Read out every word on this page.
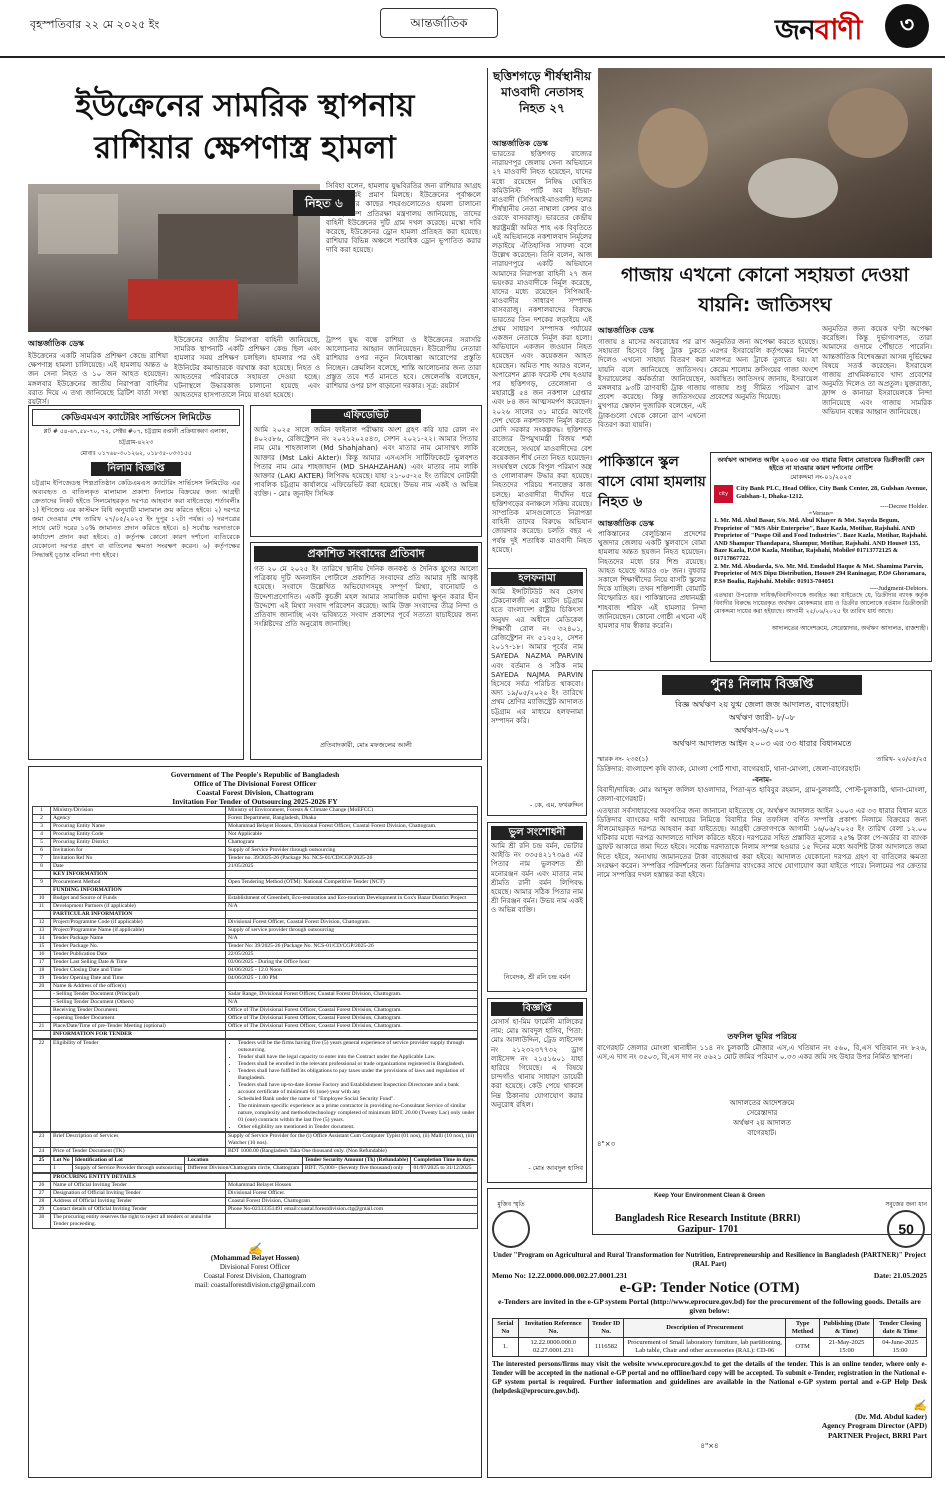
বৃহস্পতিবার ২২ মে ২০২৫ ইং	আন্তর্জাতিক	জনবাণী	৩
ইউক্রেনের সামরিক স্থাপনায়
রাশিয়ার ক্ষেপণাস্ত্র হামলা
নিহত ৬
আন্তর্জাতিক ডেস্ক
ইউক্রেনের একটি সামরিক প্রশিক্ষণ কেন্দ্রে রাশিয়া ক্ষেপণাস্ত্র হামলা চালিয়েছে। এই হামলায় অন্তত ৬ জন সেনা নিহত ও ১০ জন আহত হয়েছেন। মঙ্গলবার ইউক্রেনের জাতীয় নিরাপত্তা বাহিনীর বরাত দিয়ে এ তথ্য জানিয়েছে ব্রিটিশ বার্তা সংস্থা রয়টার্স।
ইউক্রেনের জাতীয় নিরাপত্তা বাহিনী জানিয়েছে, সামরিক স্থাপনাটি একটি প্রশিক্ষণ কেন্দ্র ছিল এবং হামলার সময় প্রশিক্ষণ চলছিল। হামলার পর ওই ইউনিটের কমান্ডারকে বরখাস্ত করা হয়েছে। নিহত ও আহতদের পরিবারকে সহায়তা দেওয়া হচ্ছে। ঘটনাস্থলে উদ্ধারকাজ চালানো হয়েছে এবং আহতদের হাসপাতালে নিয়ে যাওয়া হয়েছে।
সিবিহা বলেন, হামলায় যুদ্ধবিরতির জন্য রাশিয়ার আগ্রহ না থাকারই প্রমাণ মিলছে। ইউক্রেনের পূর্বাঞ্চলে ফ্রন্টলাইনের কাছের শহরগুলোতেও হামলা চালানো হয়েছে। রুশ প্রতিরক্ষা মন্ত্রণালয় জানিয়েছে, তাদের বাহিনী ইউক্রেনের দুটি গ্রাম দখল করেছে। মস্কো দাবি করেছে, ইউক্রেনের ড্রোন হামলা প্রতিহত করা হয়েছে। রাশিয়ার বিভিন্ন অঞ্চলে শতাধিক ড্রোন ভূপাতিত করার দাবি করা হয়েছে।
ট্রাম্প যুদ্ধ বন্ধে রাশিয়া ও ইউক্রেনের সরাসরি আলোচনার আহ্বান জানিয়েছেন। ইউরোপীয় নেতারা রাশিয়ার ওপর নতুন নিষেধাজ্ঞা আরোপের প্রস্তুতি নিচ্ছেন। ক্রেমলিন বলেছে, শান্তি আলোচনার জন্য তারা প্রস্তুত তবে শর্ত মানতে হবে। জেলেনস্কি বলেছেন, রাশিয়ার ওপর চাপ বাড়ানো দরকার। সূত্র: রয়টার্স
ছত্তিশগড়ে শীর্ষস্থানীয় মাওবাদী নেতাসহ নিহত ২৭
আন্তর্জাতিক ডেস্ক
ভারতের ছত্তিশগড় রাজ্যের নারায়ণপুর জেলায় সেনা অভিযানে ২৭ মাওবাদী নিহত হয়েছেন, যাদের মধ্যে রয়েছেন নিষিদ্ধ ঘোষিত কমিউনিস্ট পার্টি অব ইন্ডিয়া-মাওবাদী (সিপিআই-মাওবাদী) দলের শীর্ষস্থানীয় নেতা নাম্বালা কেশব রাও ওরফে বাসবরাজু। ভারতের কেন্দ্রীয় স্বরাষ্ট্রমন্ত্রী অমিত শাহ এক বিবৃতিতে এই অভিযানকে নকশালবাদ নির্মূলের লড়াইয়ে ঐতিহাসিক সাফল্য বলে উল্লেখ করেছেন। তিনি বলেন, আজ নারায়ণপুরে একটি অভিযানে আমাদের নিরাপত্তা বাহিনী ২৭ জন ভয়ংকর মাওবাদীকে নির্মূল করেছে, যাদের মধ্যে রয়েছেন সিপিআই-মাওবাদীর সাধারণ সম্পাদক বাসবরাজু। নকশালবাদের বিরুদ্ধে ভারতের তিন দশকের লড়াইয়ে এই প্রথম সাধারণ সম্পাদক পর্যায়ের একজন নেতাকে নির্মূল করা হলো। অভিযানে একজন জওয়ান নিহত হয়েছেন এবং কয়েকজন আহত হয়েছেন। অমিত শাহ আরও বলেন, অপারেশন ব্ল্যাক ফরেস্ট শেষ হওয়ার পর ছত্তিশগড়, তেলেঙ্গানা ও মহারাষ্ট্রে ৫৪ জন নকশাল গ্রেপ্তার এবং ৮৪ জন আত্মসমর্পণ করেছেন। ২০২৬ সালের ৩১ মার্চের আগেই দেশ থেকে নকশালবাদ নির্মূল করতে মোদি সরকার সংকল্পবদ্ধ। ছত্তিশগড় রাজ্যের উপমুখ্যমন্ত্রী বিজয় শর্মা বলেছেন, সংঘর্ষে মাওবাদীদের বেশ কয়েকজন শীর্ষ নেতা নিহত হয়েছেন। সংঘর্ষস্থল থেকে বিপুল পরিমাণ অস্ত্র ও গোলাবারুদ উদ্ধার করা হয়েছে। নিহতদের পরিচয় শনাক্তের কাজ চলছে। মাওবাদীরা দীর্ঘদিন ধরে ছত্তিশগড়ের বনাঞ্চলে সক্রিয় রয়েছে। সাম্প্রতিক মাসগুলোতে নিরাপত্তা বাহিনী তাদের বিরুদ্ধে অভিযান জোরদার করেছে। চলতি বছর এ পর্যন্ত দুই শতাধিক মাওবাদী নিহত হয়েছে।
গাজায় এখনো কোনো সহায়তা দেওয়া যায়নি: জাতিসংঘ
আন্তর্জাতিক ডেস্ক
গাজায় ৪ মাসের অবরোধের পর ত্রাণ সহায়তা হিসেবে কিছু ট্রাক ঢুকতে দিলেও এখনো সাহায্য বিতরণ করা যায়নি বলে জানিয়েছে জাতিসংঘ। ইসরায়েলের কর্মকর্তারা জানিয়েছেন, মঙ্গলবার ৯৩টি ত্রাণবাহী ট্রাক গাজায় প্রবেশ করেছে। কিন্তু জাতিসংঘের মুখপাত্র স্তেফান দুজারিক বলেছেন, এই ট্রাকগুলো থেকে কোনো ত্রাণ এখনো বিতরণ করা যায়নি।
অনুমতির জন্য অপেক্ষা করতে হয়েছে। এরপর ইসরায়েলি কর্তৃপক্ষের নির্দেশে মালপত্র অন্য ট্রাকে তুলতে হয়। যা কেরেম শালোম ক্রসিংয়ের গাজা অংশে অবস্থিত। জাতিসংঘ জানায়, ইসরায়েল গাজায় শুধু সীমিত পরিমাণ ত্রাণ প্রবেশের অনুমতি দিয়েছে।
অনুমতির জন্য কয়েক ঘণ্টা অপেক্ষা করেছিল। কিন্তু দুর্ভাগ্যবশত, তারা আমাদের গুদামে পৌঁছাতে পারেনি। আন্তর্জাতিক বিশেষজ্ঞরা আসন্ন দুর্ভিক্ষের বিষয়ে সতর্ক করেছেন। ইসরায়েল গাজায় প্রাথমিকভাবে খাদ্য প্রবেশের অনুমতি দিলেও তা অপ্রতুল। যুক্তরাজ্য, ফ্রান্স ও কানাডা ইসরায়েলকে নিন্দা জানিয়েছে এবং গাজায় সামরিক অভিযান বন্ধের আহ্বান জানিয়েছে।
পাকিস্তানে স্কুল বাসে বোমা হামলায় নিহত ৬
আন্তর্জাতিক ডেস্ক
পাকিস্তানের বেলুচিস্তান প্রদেশের খুজদার জেলায় একটি স্কুলবাসে বোমা হামলায় অন্তত ছয়জন নিহত হয়েছেন। নিহতদের মধ্যে চার শিশু রয়েছে। আহত হয়েছে আরও ৩৮ জন। বুধবার সকালে শিক্ষার্থীদের নিয়ে বাসটি স্কুলের দিকে যাচ্ছিল। তখন শক্তিশালী বোমাটি বিস্ফোরিত হয়। পাকিস্তানের প্রধানমন্ত্রী শাহবাজ শরিফ এই হামলার নিন্দা জানিয়েছেন। কোনো গোষ্ঠী এখনো এই হামলার দায় স্বীকার করেনি।
অর্থঋণ আদালত আইন ২০০৩ এর ৩৩ ধারার বিধান মোতাবেক ডিক্রীজারী কেস হইতে না যাওয়ার কারণ দর্শানোর নোটিশ
মোকদ্দমা নং-০১/২০২৫
city
City Bank PLC, Head Office, City Bank Center, 28, Gulshan Avenue, Gulshan-1, Dhaka-1212.
----Decree Holder.
=Versus=
1. Mr. Md. Abul Basar, S/o. Md. Abul Khayer & Mst. Sayeda Begum, Proprietor of "M/S Abir Enterprise", Baze Kazla, Motihar, Rajshahi. AND Proprietor of "Puspo Oil and Food Industries". Baze Kazla, Motihar, Rajshahi. AND Shampur Thandapara, Shampur, Motihar, Rajshahi. AND House# 135, Baze Kazla, P.O# Kazla, Motihar, Rajshahi, Mobile# 01713772125 & 01717867722.
2. Mr. Md. Abudarda, S/o. Mr. Md. Emdadul Haque & Mst. Shamima Parvin, Proprietor of M/S Dipu Distribution, House# 294 Raninagar, P.O# Ghoramara, P.S# Boalia, Rajshahi. Mobile: 01913-704051
----Judgment-Debtors.
এতদ্বারা উপরোক্ত দায়িক/বিবাদীগণকে অবহিত করা যাইতেছে যে, ডিক্রীদার ব্যাংক কর্তৃক বিবাদীর বিরুদ্ধে দায়েরকৃত অর্থঋণ মোকদ্দমার রায় ও ডিক্রীর আলোকে বর্তমান ডিক্রীজারী মোকদ্দমা দায়ের করা হইয়াছে। আগামী ২৫/০৬/২০২৫ ইং তারিখ ধার্য আছে।
আদালতের আদেশক্রমে, সেরেস্তাদার, অর্থঋণ আদালত, রাজশাহী।
কেডিএমএস ক্যাটেরিং সার্ভিসেস লিমিটেড
প্লট # ৫৪-৬৭,৫৮-৭০, ৭২, সেক্টর #০৭, চট্টগ্রাম রপ্তানী প্রক্রিয়াকরণ এলাকা, চট্টগ্রাম-৪২২৩
মোবাঃ ০১৭৬৮-৩০১২৬২, ০১৮৩৫-০৩৩১৫৫
নিলাম বিজ্ঞপ্তি
চট্টগ্রাম ইপিজেডস্থ শিল্পপ্রতিষ্ঠান কেডিএমএস ক্যাটেরিং সার্ভিসেস লিমিটেড এর অব্যবহৃত ও বাতিলকৃত মালামাল প্রকাশ্য নিলামে বিক্রয়ের জন্য আগ্রহী ক্রেতাদের নিকট হইতে সিলমোহরকৃত দরপত্র আহবান করা যাইতেছে। শর্তাবলীঃ ১) ইপিজেড এর কাস্টমস বিধি অনুযায়ী মালামাল ক্রয় করিতে হইবে। ২) দরপত্র জমা দেওয়ার শেষ তারিখ ২৭/০৫/২০২৫ ইং দুপুর ১২টা পর্যন্ত। ৩) দরপত্রের সাথে মোট দরের ১০% জামানত প্রদান করিতে হইবে। ৪) সর্বোচ্চ দরদাতাকে কার্যাদেশ প্রদান করা হইবে। ৫) কর্তৃপক্ষ কোনো কারণ দর্শানো ব্যতিরেকে যেকোনো দরপত্র গ্রহণ বা বাতিলের ক্ষমতা সংরক্ষণ করেন। ৬) কর্তৃপক্ষের সিদ্ধান্তই চূড়ান্ত বলিয়া গণ্য হইবে।
এফিডেভিট
আমি ২০২৫ সালে জমিন ফাইনাল পরীক্ষায় অংশ গ্রহণ করি যার রোল নং ৪০২৫৮৬, রেজিস্ট্রেশন নং ২০২১২০২৫৪৩, সেশন ২০২১-২২। আমার পিতার নাম মোঃ শাহজালাল (Md Shahjahan) এবং মাতার নাম মোসাম্মৎ লাকি আক্তার (Mst Laki Akter)। কিন্তু আমার এসএসসি সার্টিফিকেটে ভুলবশত পিতার নাম মোঃ শাহজাহান (MD SHAHZAHAN) এবং মাতার নাম লাকি আক্তার (LAKI AKTER) লিপিবদ্ধ হয়েছে। যাহা ২১-০৫-২৫ ইং তারিখে নোটারী পাবলিক চট্টগ্রাম কার্যালয়ে এফিডেভিট করা হয়েছে। উভয় নাম একই ও অভিন্ন ব্যক্তি। - মোঃ জুনাইদ সিদ্দিক
প্রকাশিত সংবাদের প্রতিবাদ
গত ২০ মে ২০২৫ ইং তারিখে স্থানীয় দৈনিক জনকণ্ঠ ও দৈনিক যুগের আলো পত্রিকায় দুটি অনলাইন পোর্টালে প্রকাশিত সংবাদের প্রতি আমার দৃষ্টি আকৃষ্ট হয়েছে। সংবাদে উল্লেখিত অভিযোগসমূহ সম্পূর্ণ মিথ্যা, বানোয়াট ও উদ্দেশ্যপ্রণোদিত। একটি কুচক্রী মহল আমার সামাজিক মর্যাদা ক্ষুণ্ন করার হীন উদ্দেশ্যে এই মিথ্যা সংবাদ পরিবেশন করেছে। আমি উক্ত সংবাদের তীব্র নিন্দা ও প্রতিবাদ জানাচ্ছি এবং ভবিষ্যতে সংবাদ প্রকাশের পূর্বে সত্যতা যাচাইয়ের জন্য সংশ্লিষ্টদের প্রতি অনুরোধ জানাচ্ছি।
প্রতিবাদকারী, মোঃ মফজলের আলী
হলফনামা
আমি ইন্সটিটিউট অব হেলথ টেকনোলজী এর ম্যাটস চট্টগ্রাম হতে বাংলাদেশ রাষ্ট্রীয় চিকিৎসা অনুষদ এর অধীনে মেডিকেল শিক্ষার্থী রোল নং ৩২৪০১, রেজিস্ট্রেশন নং ৫১২৫২, সেশন ২০১৭-১৮। আমার পূর্বের নাম SAYEDA NAZMA PARVIN এবং বর্তমান ও সঠিক নাম SAYEDA NAJMA PARVIN হিসেবে সর্বত্র পরিচিত থাকবো। অদ্য ১৯/০৫/২০২৫ ইং তারিখে প্রথম শ্রেণির ম্যাজিস্ট্রেট আদালত চট্টগ্রাম এর মাধ্যমে হলফনামা সম্পাদন করি।
- কে, এম, ফখরুদ্দিন
ভুল সংশোধনী
আমি শ্রী রনি চন্দ্র বর্মন, ভোটার আইডি নং ৩৩৫৪২১৭৩৯৪ এর পিতার নাম ভুলবশত শ্রী মনোরঞ্জন বর্মন এবং মাতার নাম শ্রীমতি রানী বর্মন লিপিবদ্ধ হয়েছে। আমার সঠিক পিতার নাম শ্রী নিরঞ্জন বর্মন। উভয় নাম একই ও অভিন্ন ব্যক্তি।
নিবেদক, শ্রী রনি চন্দ্র বর্মন
বিজ্ঞপ্তি
মেসার্স হা-মিম ফার্মেসী মালিকের নাম: মোঃ আবদুল হাসিব, পিতা: মোঃ আলাউদ্দিন, ট্রেড লাইসেন্স নং ২১২৩২৩৭৭৩২ ড্রাগ লাইসেন্স নং ২১৫১৬০১ যাহা হারিয়ে গিয়েছে। এ বিষয়ে চান্দগাঁও থানায় সাধারণ ডায়েরী করা হয়েছে। কেউ পেয়ে থাকলে নিম্ন ঠিকানায় যোগাযোগ করার অনুরোধ রহিল।
- মোঃ আবদুল হাসিব
পুনঃ নিলাম বিজ্ঞপ্তি
বিজ্ঞ অর্থঋণ ২য় যুগ্ম জেলা জজ আদালত, বাগেরহাট।
অর্থঋণ জারী- ৮/০৮
অর্থঋণ-৬/২০০৭
অর্থঋণ আদালত আইন ২০০৩ এর ৩৩ ধারার বিধানমতে
স্মারক নং- ২৩৫(১)	তারিখ- ২০/০৫/২৫
ডিক্রিদার: বাংলাদেশ কৃষি ব্যাংক, মোংলা পোর্ট শাখা, বাগেরহাট, থানা-মোংলা, জেলা-বাগেরহাট।
-বনাম-
বিবাদী/দায়িক: মোঃ আব্দুল জলিল হাওলাদার, পিতা-মৃত হাবিবুর রহমান, গ্রাম-চুলকাঠি, পোস্ট-চুলকাঠি, থানা-মোংলা, জেলা-বাগেরহাট।
এতদ্বারা সর্বসাধারণের অবগতির জন্য জানানো যাইতেছে যে, অর্থঋণ আদালত আইন ২০০৩ এর ৩৩ ধারার বিধান মতে ডিক্রিদার ব্যাংকের দাবী আদায়ের নিমিত্তে বিবাদীর নিম্ন তফসিল বর্ণিত সম্পত্তি প্রকাশ্য নিলামে বিক্রয়ের জন্য সীলমোহরকৃত দরপত্র আহবান করা যাইতেছে। আগ্রহী ক্রেতাগণকে আগামী ১৬/০৬/২০২৫ ইং তারিখ বেলা ১২.০০ ঘটিকার মধ্যে দরপত্র আদালতে দাখিল করিতে হইবে। দরপত্রের সহিত প্রস্তাবিত মূল্যের ২৫% টাকা পে-অর্ডার বা ব্যাংক ড্রাফট আকারে জমা দিতে হইবে। সর্বোচ্চ দরদাতাকে নিলাম সম্পন্ন হওয়ার ১৫ দিনের মধ্যে অবশিষ্ট টাকা আদালতে জমা দিতে হইবে, অন্যথায় জামানতের টাকা বাজেয়াপ্ত করা হইবে। আদালত যেকোনো দরপত্র গ্রহণ বা বাতিলের ক্ষমতা সংরক্ষণ করেন। সম্পত্তির পরিদর্শনের জন্য ডিক্রিদার ব্যাংকের সাথে যোগাযোগ করা যাইতে পারে। নিলামের পর ক্রেতার নামে সম্পত্তির দখল হস্তান্তর করা হইবে।
তফসিল ভূমির পরিচয়
বাগেরহাট জেলার মোংলা থানাধীন ১১৪ নং চুলকাঠি মৌজার এস,এ খতিয়ান নং ৫৬০, বি,এস খতিয়ান নং ৮২৬, এস,এ দাগ নং ৩৫০৩, বি,এস দাগ নং ৫৬২১ মোট জমির পরিমাণ ০.৩৩ একর জমি সহ উহার উপর নির্মিত স্থাপনা।
আদালতের আদেশক্রমে
সেরেস্তাদার
অর্থঋণ ২য় আদালত
বাগেরহাট।
৪"×৩
Government of The People's Republic of Bangladesh
Office of The Divisional Forest Officer
Coastal Forest Division, Chattogram
Invitation For Tender of Outsourcing 2025-2026 FY
1	Ministry/Division	Ministry of Environment, Forests & Climate Change (MoEFCC)
2	Agency	Forest Department, Bangladesh, Dhaka
3	Procuring Entity Name	Mohammad Belayet Hossen, Divisional Forest Officer, Coastal Forest Division, Chattogram.
4	Procuring Entity Code	Not Applicable
5	Procuring Entity District	Chattogram
6	Invitation for	Supply of Service Provider through outsourcing
7	Invitation Ref No	Tender no. 39/2025-26 (Package No. NCS-01/CD/CGP/2025-26
8	Date	21/05/2025
	KEY INFORMATION	
9	Procurement Method	Open Tendering Method (OTM): National Competitive Tender (NCT)
	FUNDING INFORMATION	
10	Budget and Source of Funds	Establishment of Greenbelt, Eco-restoration and Eco-tourism Development in Cox's Bazar District Project
11	Development Partners (if applicable)	N/A
	PARTICULAR INFORMATION	
12	Project/Programme Code (if applicable)	Divisional Forest Officer, Coastal Forest Division, Chattogram.
13	Project/Programme Name (if applicable)	Supply of service provider through outsourcing
14	Tender Package Name	N/A
15	Tender Package No.	Tender No: 39/2025-26 (Package No. NCS-01/CD/CGP/2025-26
16	Tender Publication Date	22/05/2025
17	Tender Last Selling Date & Time	03/06/2025 - During the Office hour
18	Tender Closing Date and Time	04/06/2025 - 12.0 Noon
19	Tender Opening Date and Time	04/06/2025 - 1.00 PM
20	Name & Address of the office(s)	
	- Selling Tender Document (Principal)	Sadar Range, Divisional Forest Officer, Coastal Forest Division, Chattogram.
	- Selling Tender Document (Others)	N/A
	Receiving Tender Document	Office of The Divisional Forest Officer, Coastal Forest Division, Chattogram.
	-opening Tender Document	Office of The Divisional Forest Officer, Coastal Forest Division, Chattogram.
21	Place/Date/Time of pre-Tender Meeting (optional)	Office of The Divisional Forest Officer, Coastal Forest Division, Chattogram.
	INFORMATION FOR TENDER	
22	Eligibility of Tender	
•Tenders will be the firms having five (5) years general experience of service provider supply through outsourcing.
• Tender shall have the legal capacity to enter into the Contract under the Applicable Law.
• Tenders shall be enrolled in the relevant professional or trade organizations registered in Bangladesh.
• Tenders shall have fulfilled its obligations to pay taxes under the provisions of laws and regulation of Bangladesh.
• Tenders shall have up-to-date license Factory and Establishment Inspection Directorate and a bank account certificate of minimum 01 (one) year with any
• Scheduled Bank under the name of "Employee Social Security Fund".
• The minimum specific experience as a prime contractor in providing no-Consultant Service of similar nature, complexity and methods/technology completed of minimum BDT. 20.00 (Twenty Lac) only under 01 (one) contracts within the last five (5) years.
• Other eligibility are mentioned in Tender document.
23	Brief Description of Services	Supply of Service Provider for the (i) Office Assistant Cum Computer Typist (01 nos), (ii) Malli (10 nos), (iii) Watcher (10 nos).
24	Price of Tender Document (TK)	BDT 1000.00 (Bangladesh Taka One thousand only. (Non Refundable)
25	Lot No	Identification of Lot	Location	Tender Security Amount (Tk) (Refundable)	Completion Time in days.
	1	Supply of Service Provider through outsourcing	Different Division/Chattogram circle, Chattogram	BDT. 75,000/- (Seventy five thousand) only	01/07/2025 to 31/12/2025
	PROCURING ENTITY DETAILS	
26	Name of Official Inviting Tender	Mohammad Belayet Hossen
27	Designation of Official Inviting Tender	Divisional Forest Officer.
28	Address of Official Inviting Tender	Coastal Forest Division, Chattogram
29	Contact details of Official Inviting Tender	Phone No-02333351491 email:coastal.forestdivision.ctg@gmail.com
30	The procuring entity reserves the right to reject all tenders or annul the Tender proceeding.	
✍
(Mohammad Belayet Hossen)
Divisional Forest Officer
Coastal Forest Division, Chattogram
mail: coastalforestdivision.ctg@gmail.com
Keep Your Environment Clean & Green
মুজিব স্মৃতি
Bangladesh Rice Research Institute (BRRI)
Gazipur- 1701
সবুজের জন্য ধান
50
Under "Program on Agricultural and Rural Transformation for Nutrition, Entrepreneurship and Resilience in Bangladesh (PARTNER)" Project (RAL Part)
Memo No: 12.22.0000.000.002.27.0001.231	Date: 21.05.2025
e-GP: Tender Notice (OTM)
e-Tenders are invited in the e-GP system Portal (http://www.eprocure.gov.bd) for the procurement of the following goods. Details are given below:
Serial No	Invitation Reference No.	Tender ID No.	Description of Procurement	Type Method	Publishing (Date & Time)	Tender Closing date & Time
1.	12.22.0000.000.0 02.27.0001.231	1116582	Procurement of Small laboratory furniture, lab partitioning, Lab table, Chair and other accessories (RAL): CD-06	OTM	21-May-2025 15:00	04-June-2025 15:00
The interested persons/firms may visit the website www.eprocure.gov.bd to get the details of the tender. This is an online tender, where only e-Tender will be accepted in the national e-GP portal and no offline/hard copy will be accepted. To submit e-Tender, registration in the National e-GP system portal is required. Further information and guidelines are available in the National e-GP system portal and e-GP Help Desk (helpdesk@eprocure.gov.bd).
✍
(Dr. Md. Abdul kader)
Agency Program Director (APD)
PARTNER Project, BRRI Part
৪"×৪
